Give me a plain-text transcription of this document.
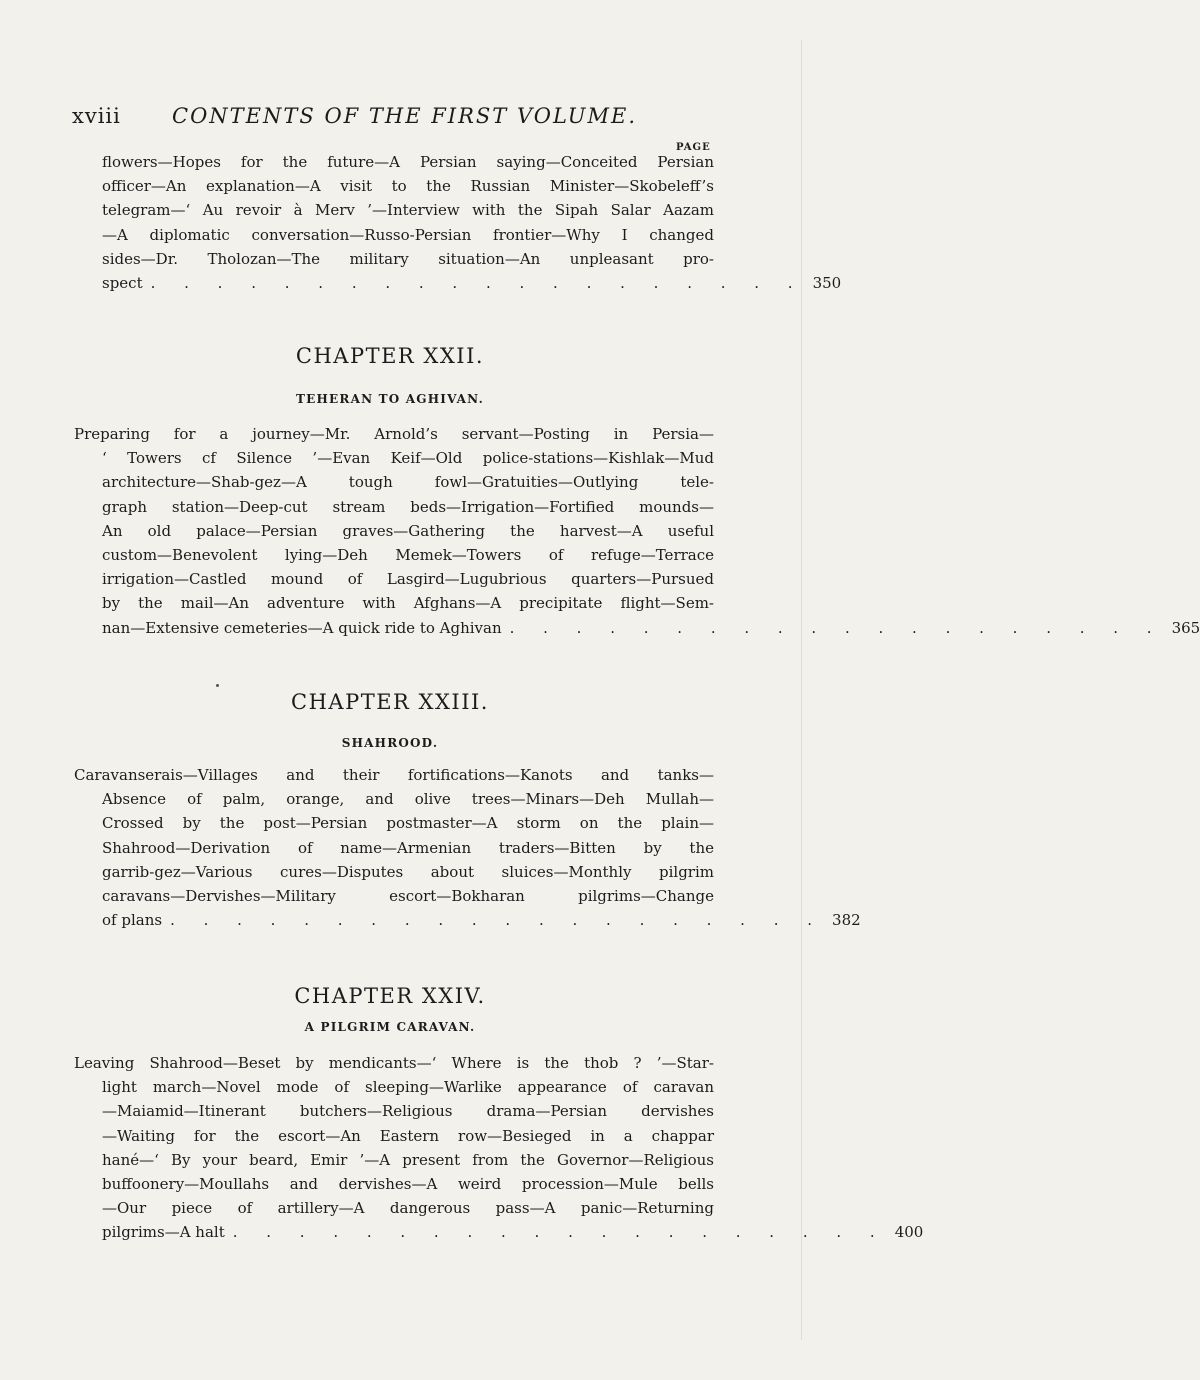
xviii CONTENTS OF THE FIRST VOLUME.
PAGE
flowers—Hopes for the future—A Persian saying—Conceited Persian
officer—An explanation—A visit to the Russian Minister—Skobeleff’s
telegram—‘ Au revoir à Merv ’—Interview with the Sipah Salar Aazam
—A diplomatic conversation—Russo-Persian frontier—Why I changed
sides—Dr. Tholozan—The military situation—An unpleasant pro-
spect . . . . . . . . . . . . . . . . . . . . 350
CHAPTER XXII.
TEHERAN TO AGHIVAN.
Preparing for a journey—Mr. Arnold’s servant—Posting in Persia—
‘ Towers cf Silence ’—Evan Keif—Old police-stations—Kishlak—Mud
architecture—Shab-gez—A tough fowl—Gratuities—Outlying tele-
graph station—Deep-cut stream beds—Irrigation—Fortified mounds—
An old palace—Persian graves—Gathering the harvest—A useful
custom—Benevolent lying—Deh Memek—Towers of refuge—Terrace
irrigation—Castled mound of Lasgird—Lugubrious quarters—Pursued
by the mail—An adventure with Afghans—A precipitate flight—Sem-
nan—Extensive cemeteries—A quick ride to Aghivan . . . . . . . . . . . . . . . . . . . . 365
CHAPTER XXIII.
SHAHROOD.
Caravanserais—Villages and their fortifications—Kanots and tanks—
Absence of palm, orange, and olive trees—Minars—Deh Mullah—
Crossed by the post—Persian postmaster—A storm on the plain—
Shahrood—Derivation of name—Armenian traders—Bitten by the
garrib-gez—Various cures—Disputes about sluices—Monthly pilgrim
caravans—Dervishes—Military escort—Bokharan pilgrims—Change
of plans . . . . . . . . . . . . . . . . . . . . 382
CHAPTER XXIV.
A PILGRIM CARAVAN.
Leaving Shahrood—Beset by mendicants—‘ Where is the thob ? ’—Star-
light march—Novel mode of sleeping—Warlike appearance of caravan
—Maiamid—Itinerant butchers—Religious drama—Persian dervishes
—Waiting for the escort—An Eastern row—Besieged in a chappar
hané—‘ By your beard, Emir ’—A present from the Governor—Religious
buffoonery—Moullahs and dervishes—A weird procession—Mule bells
—Our piece of artillery—A dangerous pass—A panic—Returning
pilgrims—A halt . . . . . . . . . . . . . . . . . . . . 400
